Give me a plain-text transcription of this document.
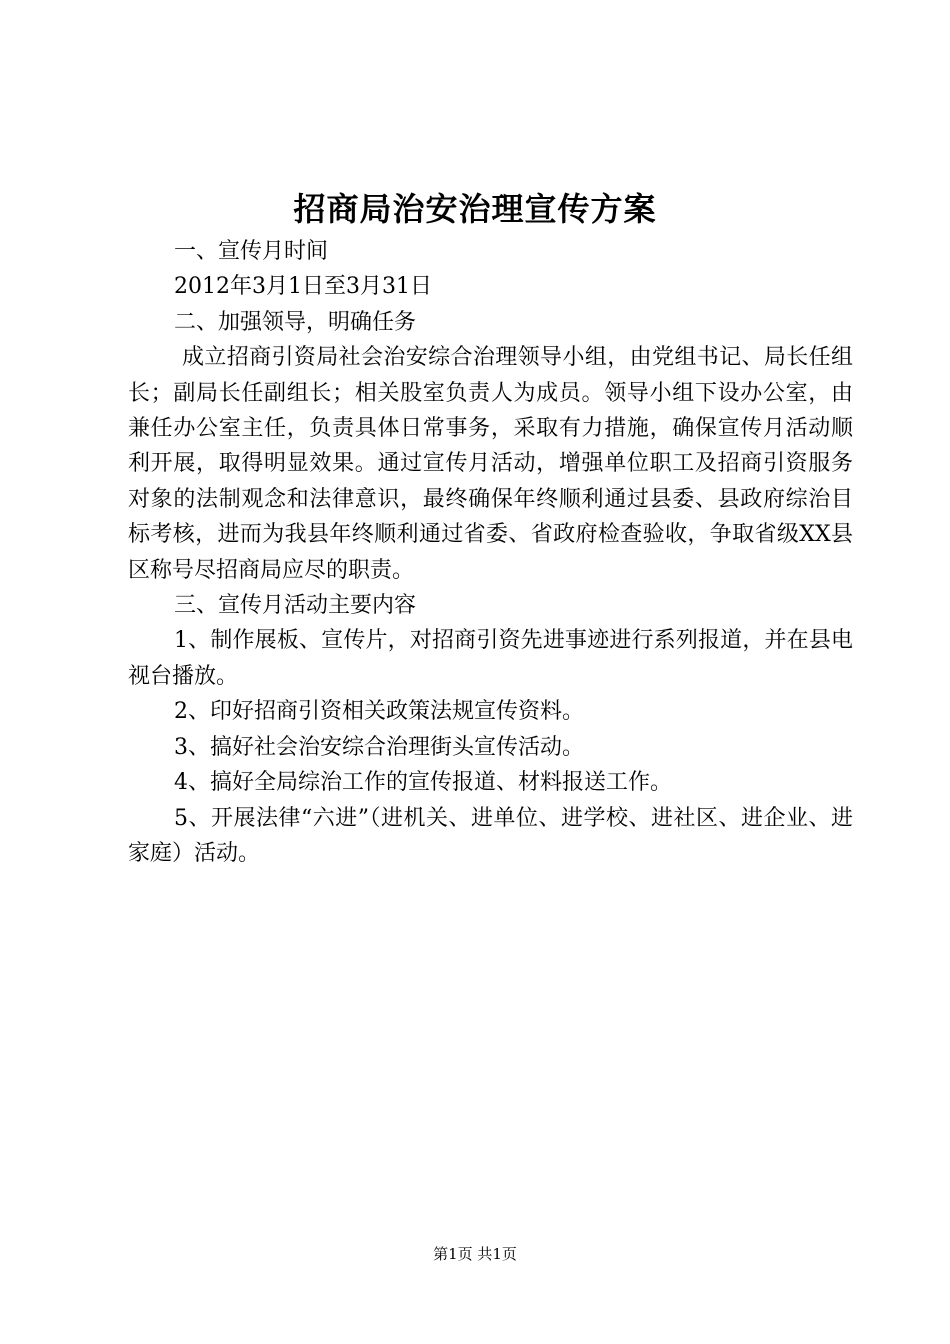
招商局治安治理宣传方案

一、宣传月时间

2012年3月1日至3月31日

二、加强领导，明确任务

成立招商引资局社会治安综合治理领导小组，由党组书记、局长任组长；副局长任副组长；相关股室负责人为成员。领导小组下设办公室，由兼任办公室主任，负责具体日常事务，采取有力措施，确保宣传月活动顺利开展，取得明显效果。通过宣传月活动，增强单位职工及招商引资服务对象的法制观念和法律意识，最终确保年终顺利通过县委、县政府综治目标考核，进而为我县年终顺利通过省委、省政府检查验收，争取省级XX县区称号尽招商局应尽的职责。

三、宣传月活动主要内容

1、制作展板、宣传片，对招商引资先进事迹进行系列报道，并在县电视台播放。

2、印好招商引资相关政策法规宣传资料。

3、搞好社会治安综合治理街头宣传活动。

4、搞好全局综治工作的宣传报道、材料报送工作。

5、开展法律“六进”（进机关、进单位、进学校、进社区、进企业、进家庭）活动。

第1页 共1页
